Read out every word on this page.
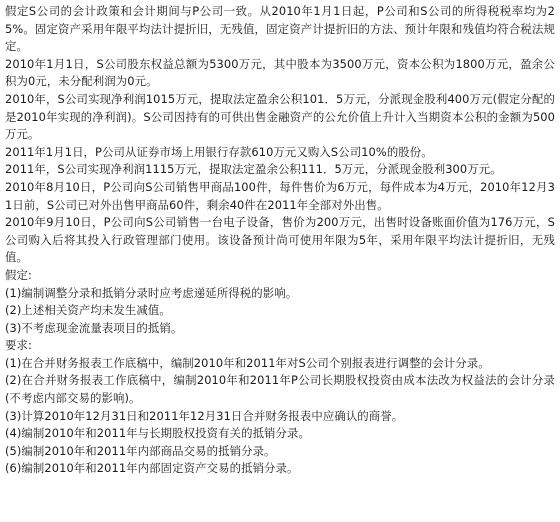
假定S公司的会计政策和会计期间与P公司一致。从2010年1月1日起，P公司和S公司的所得税税率均为25%。固定资产采用年限平均法计提折旧，无残值，固定资产计提折旧的方法、预计年限和残值均符合税法规定。

2010年1月1日，S公司股东权益总额为5300万元，其中股本为3500万元，资本公积为1800万元，盈余公积为0元，未分配利润为0元。

2010年，S公司实现净利润1015万元，提取法定盈余公积101．5万元，分派现金股利400万元(假定分配的是2010年实现的净利润)。S公司因持有的可供出售金融资产的公允价值上升计入当期资本公积的金额为500万元。

2011年1月1日，P公司从证券市场上用银行存款610万元又购入S公司10%的股份。

2011年，S公司实现净利润1115万元，提取法定盈余公积111．5万元，分派现金股利300万元。

2010年8月10日，P公司向S公司销售甲商品100件，每件售价为6万元，每件成本为4万元，2010年12月31日前，S公司已对外出售甲商品60件，剩余40件在2011年全部对外出售。

2010年9月10日，P公司向S公司销售一台电子设备，售价为200万元，出售时设备账面价值为176万元，S公司购入后将其投入行政管理部门使用。该设备预计尚可使用年限为5年，采用年限平均法计提折旧，无残值。

假定:

(1)编制调整分录和抵销分录时应考虑递延所得税的影响。

(2)上述相关资产均未发生减值。

(3)不考虑现金流量表项目的抵销。

要求:

(1)在合并财务报表工作底稿中，编制2010年和2011年对S公司个别报表进行调整的会计分录。

(2)在合并财务报表工作底稿中，编制2010年和2011年P公司长期股权投资由成本法改为权益法的会计分录(不考虑内部交易的影响)。

(3)计算2010年12月31日和2011年12月31日合并财务报表中应确认的商誉。

(4)编制2010年和2011年与长期股权投资有关的抵销分录。

(5)编制2010年和2011年内部商品交易的抵销分录。

(6)编制2010年和2011年内部固定资产交易的抵销分录。
